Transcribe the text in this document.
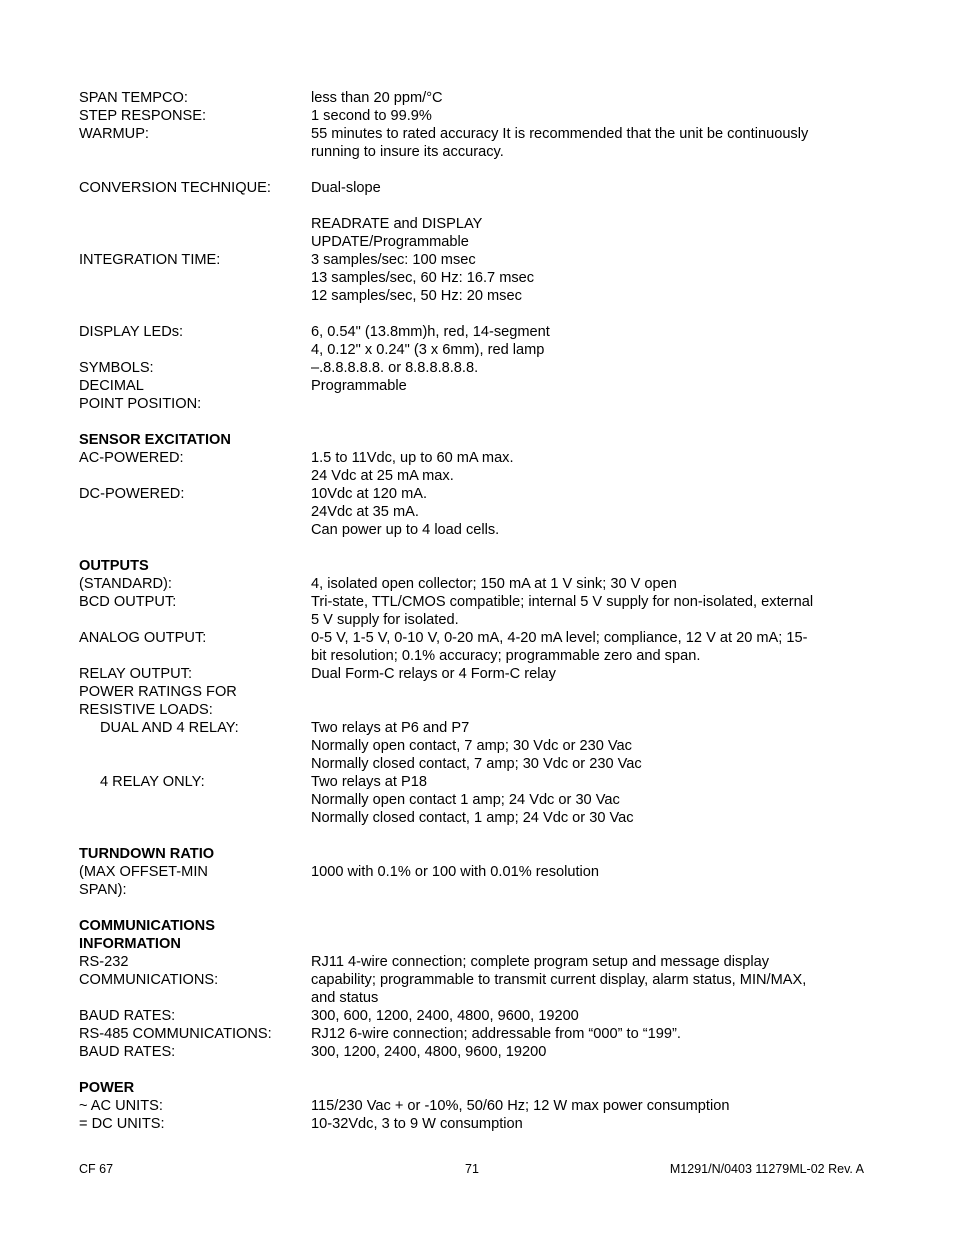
SPAN TEMPCO:	less than 20 ppm/°C
STEP RESPONSE:	1 second to 99.9%
WARMUP:	55 minutes to rated accuracy It is recommended that the unit be continuously
running to insure its accuracy.
CONVERSION TECHNIQUE:	Dual-slope
READRATE and DISPLAY
UPDATE/Programmable
INTEGRATION TIME:	3 samples/sec: 100 msec
13 samples/sec, 60 Hz: 16.7 msec
12 samples/sec, 50 Hz: 20 msec
DISPLAY LEDs:	6, 0.54" (13.8mm)h, red, 14-segment
4, 0.12" x 0.24" (3 x 6mm), red lamp
SYMBOLS:	–.8.8.8.8.8. or 8.8.8.8.8.8.
DECIMAL	Programmable
POINT POSITION:
SENSOR EXCITATION
AC-POWERED:	1.5 to 11Vdc, up to 60 mA max.
24 Vdc at 25 mA max.
DC-POWERED:	10Vdc at 120 mA.
24Vdc at 35 mA.
Can power up to 4 load cells.
OUTPUTS
(STANDARD):	4, isolated open collector; 150 mA at 1 V sink; 30 V open
BCD OUTPUT:	Tri-state, TTL/CMOS compatible; internal 5 V supply for non-isolated, external
5 V supply for isolated.
ANALOG OUTPUT:	0-5 V, 1-5 V, 0-10 V, 0-20 mA, 4-20 mA level; compliance, 12 V at 20 mA; 15-
bit resolution; 0.1% accuracy; programmable zero and span.
RELAY OUTPUT:	Dual Form-C relays or 4 Form-C relay
POWER RATINGS FOR
RESISTIVE LOADS:
DUAL AND 4 RELAY:	Two relays at P6 and P7
Normally open contact, 7 amp; 30 Vdc or 230 Vac
Normally closed contact, 7 amp; 30 Vdc or 230 Vac
4 RELAY ONLY:	Two relays at P18
Normally open contact 1 amp; 24 Vdc or 30 Vac
Normally closed contact, 1 amp; 24 Vdc or 30 Vac
TURNDOWN RATIO
(MAX OFFSET-MIN	1000 with 0.1% or 100 with 0.01% resolution
SPAN):
COMMUNICATIONS
INFORMATION
RS-232	RJ11 4-wire connection; complete program setup and message display
COMMUNICATIONS:	capability; programmable to transmit current display, alarm status, MIN/MAX,
and status
BAUD RATES:	300, 600, 1200, 2400, 4800, 9600, 19200
RS-485 COMMUNICATIONS:	RJ12 6-wire connection; addressable from “000” to “199”.
BAUD RATES:	300, 1200, 2400, 4800, 9600, 19200
POWER
~ AC UNITS:	115/230 Vac + or -10%, 50/60 Hz; 12 W max power consumption
= DC UNITS:	10-32Vdc, 3 to 9 W consumption
CF 67	71	M1291/N/0403 11279ML-02 Rev. A
